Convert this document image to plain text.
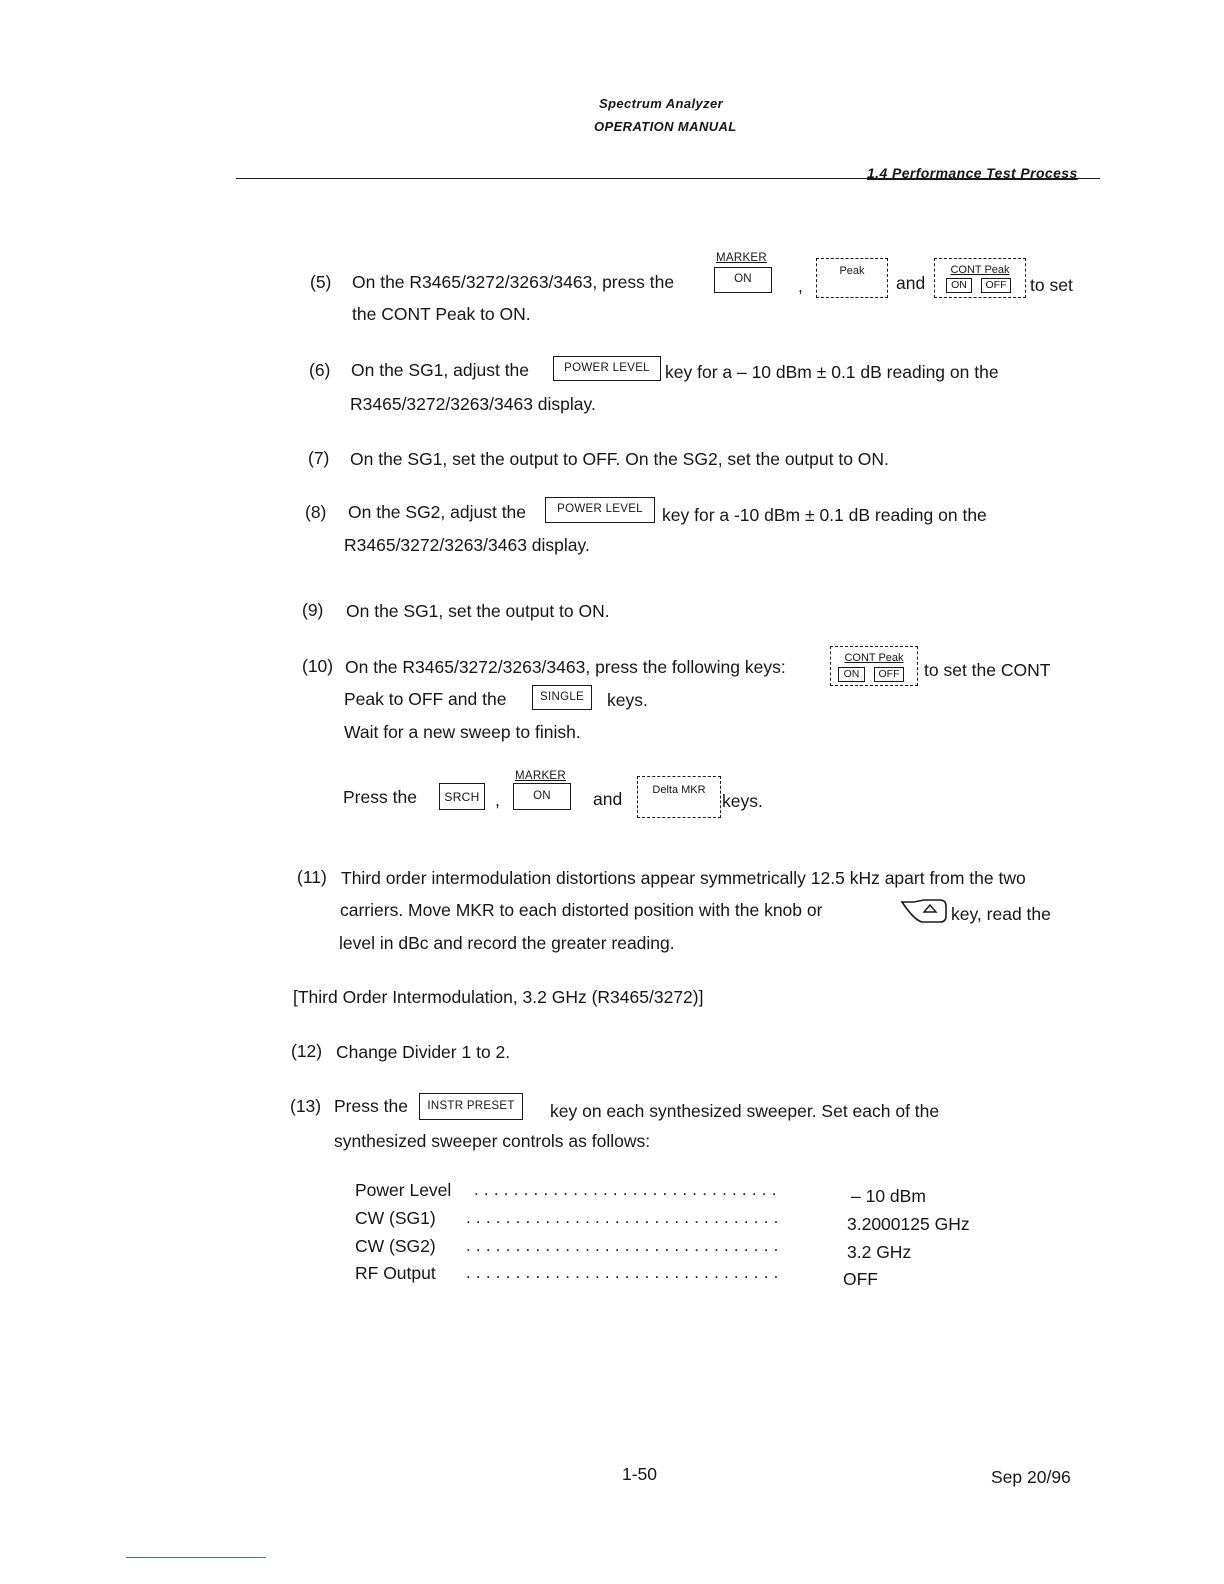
Spectrum Analyzer
OPERATION MANUAL
1.4 Performance Test Process
(5) On the R3465/3272/3263/3463, press the
MARKER
ON	,
Peak
and
CONT Peak
ON	OFF to set
the CONT Peak to ON.
(6) On the SG1, adjust the	POWER LEVEL key for a – 10 dBm ± 0.1 dB reading on the
R3465/3272/3263/3463 display.
(7) On the SG1, set the output to OFF. On the SG2, set the output to ON.
(8) On the SG2, adjust the	POWER LEVEL	key for a -10 dBm ± 0.1 dB reading on the
R3465/3272/3263/3463 display.
(9) On the SG1, set the output to ON.
(10) On the R3465/3272/3263/3463, press the following keys:	CONT Peak
ON	OFF to set the CONT
Peak to OFF and the	SINGLE	keys.
Wait for a new sweep to finish.
Press the	SRCH ,
MARKER
ON	and	Delta MKR
keys.
(11) Third order intermodulation distortions appear symmetrically 12.5 kHz apart from the two
carriers. Move MKR to each distorted position with the knob or	key, read the
level in dBc and record the greater reading.
[Third Order Intermodulation, 3.2 GHz (R3465/3272)]
(12) Change Divider 1 to 2.
(13) Press the	INSTR PRESET	key on each synthesized sweeper. Set each of the
synthesized sweeper controls as follows:
Power Level ...............................	– 10 dBm
CW (SG1) ................................	3.2000125 GHz
CW (SG2) ................................	3.2 GHz
RF Output ................................	OFF
1-50	Sep 20/96
